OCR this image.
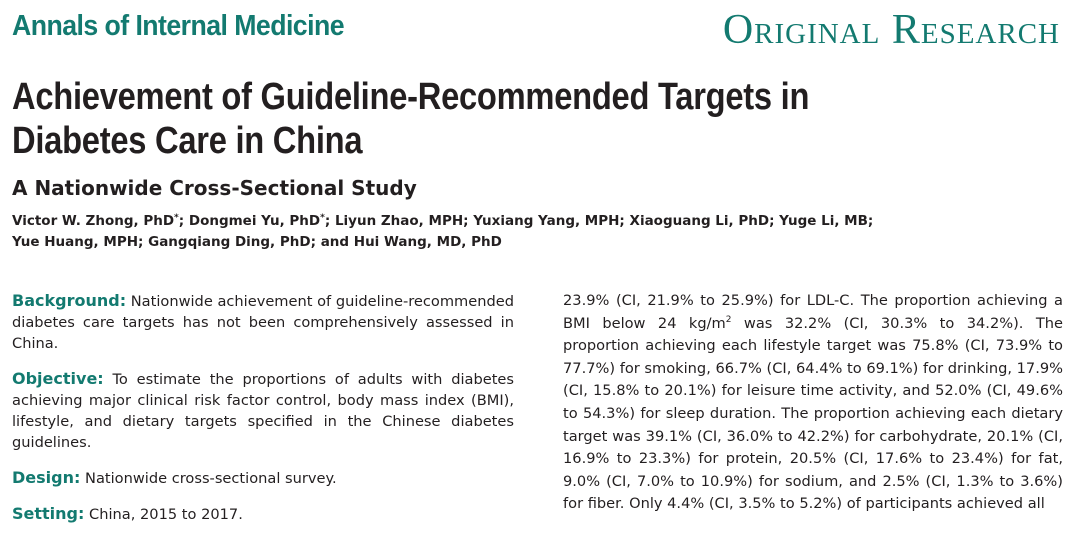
Annals of Internal Medicine	Original Research
Achievement of Guideline-Recommended Targets in Diabetes Care in China
A Nationwide Cross-Sectional Study
Victor W. Zhong, PhD*; Dongmei Yu, PhD*; Liyun Zhao, MPH; Yuxiang Yang, MPH; Xiaoguang Li, PhD; Yuge Li, MB;
Yue Huang, MPH; Gangqiang Ding, PhD; and Hui Wang, MD, PhD

Background: Nationwide achievement of guideline-recommended diabetes care targets has not been comprehensively assessed in China.

Objective: To estimate the proportions of adults with diabetes achieving major clinical risk factor control, body mass index (BMI), lifestyle, and dietary targets specified in the Chinese diabetes guidelines.

Design: Nationwide cross-sectional survey.

Setting: China, 2015 to 2017.

23.9% (CI, 21.9% to 25.9%) for LDL-C. The proportion achieving a BMI below 24 $kg/m^2$ was 32.2% (CI, 30.3% to 34.2%). The proportion achieving each lifestyle target was 75.8% (CI, 73.9% to 77.7%) for smoking, 66.7% (CI, 64.4% to 69.1%) for drinking, 17.9% (CI, 15.8% to 20.1%) for leisure time activity, and 52.0% (CI, 49.6% to 54.3%) for sleep duration. The proportion achieving each dietary target was 39.1% (CI, 36.0% to 42.2%) for carbohydrate, 20.1% (CI, 16.9% to 23.3%) for protein, 20.5% (CI, 17.6% to 23.4%) for fat, 9.0% (CI, 7.0% to 10.9%) for sodium, and 2.5% (CI, 1.3% to 3.6%) for fiber. Only 4.4% (CI, 3.5% to 5.2%) of participants achieved all
